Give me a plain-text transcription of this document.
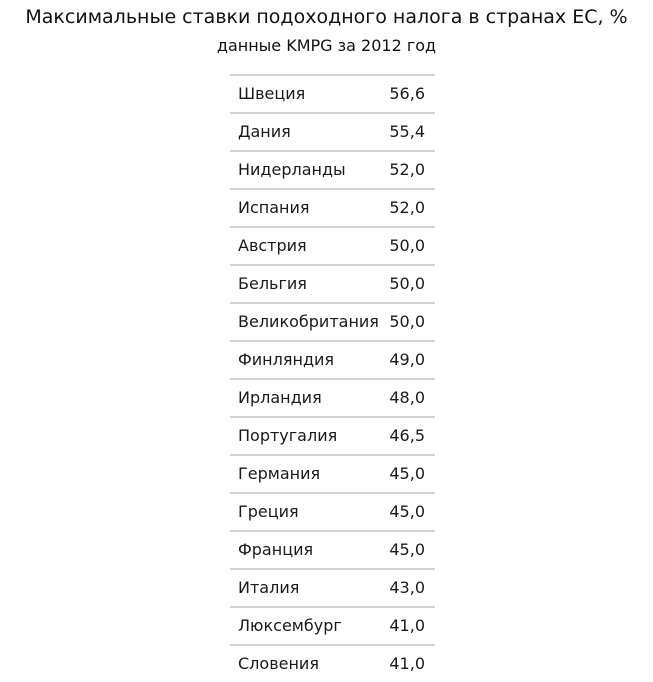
Максимальные ставки подоходного налога в странах ЕС, %
данные KMPG за 2012 год
Швеция	56,6
Дания	55,4
Нидерланды	52,0
Испания	52,0
Австрия	50,0
Бельгия	50,0
Великобритания 50,0
Финляндия	49,0
Ирландия	48,0
Португалия	46,5
Германия	45,0
Греция	45,0
Франция	45,0
Италия	43,0
Люксембург	41,0
Словения	41,0
